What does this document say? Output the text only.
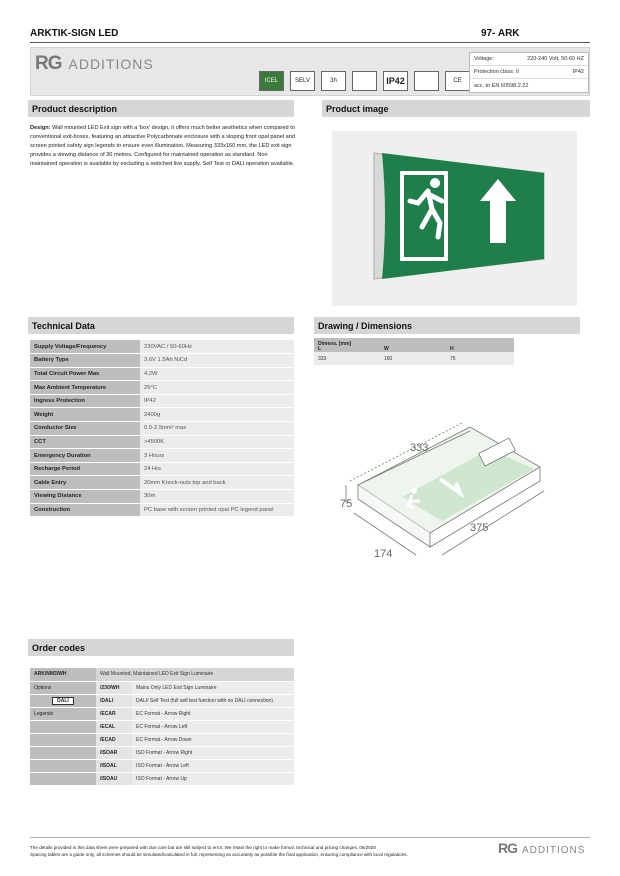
ARKTIK-SIGN LED	97- ARK
RG ADDITIONS
ICEL	SELV	3h	IP42	CE
Voltage:	220-240 Volt, 50-60 HZ
Protection class: II	IP42
acc. to EN 60598.2.22
Product description
Design: Wall mounted LED Exit sign with a 'box' design, it offers much better aesthetics when compared to conventional exit-boxes, featuring an attractive Polycarbonate enclosure with a sloping front opal panel and screen printed safety sign legends to ensure even illumination. Measuring 333x160 mm, the LED exit sign provides a viewing distance of 30 metres. Configured for maintained operation as standard. Non maintained operation is available by excluding a switched live supply. Self Test or DALI operation available.
Product image
Technical Data
Supply Voltage/Frequency	230VAC / 50-60Hz
Battery Type	3.6V 1.5Ah NiCd
Total Circuit Power Max	4.2W
Max Ambient Temperature	25°C
Ingress Protection	IP42
Weight	2400g
Conductor Size	0.5-2.5mm² max
CCT	>4500K
Emergency Duration	3 Hours
Recharge Period	24 Hrs
Cable Entry	20mm Knock-outs top and back
Viewing Distance	30m
Construction	PC base with screen printed opal PC legend panel
Drawing / Dimensions
Dimens. [mm]
L	W	H
333	160	75
333
75
174
375
Order codes
ARK/NM3/WH	Wall Mounted, Maintained LED Exit Sign Luminaire	
Options	/230/WH	Mains Only LED Exit Sign Luminaire
DALI	/DALI	DALI/ Self Test (full self test function with no DALI connection)
Legends	/ECAR	EC Format - Arrow Right
	/ECAL	EC Format - Arrow Left
	/ECAD	EC Format - Arrow Down
	/ISOAR	ISO Format - Arrow Right
	/ISOAL	ISO Format - Arrow Left
	/ISOAU	ISO Format - Arrow Up
The details provided in this data sheet were prepared with due care but are still subject to error. We retain the right to make formal, technical and pricing changes. 06/2020
Spacing tables are a guide only, all schemes should be simulated/calculated in full, representing as accurately as possible the final application, ensuring compliance with local regulations.	RG ADDITIONS
